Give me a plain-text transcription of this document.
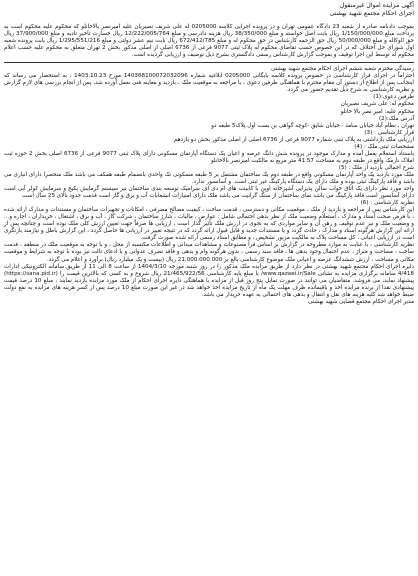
آگهی مزایده اموال غیرمنقول

اجرای احکام مجتمع شهید بهشتی

بموجب دادنامه صادره از شعبه 23 دادگاه عمومی تهران و در پرونده اجرایی کلاسه 0205000 له علی شریف نصیریان علیه امیرنصر بالاخانلو که محکوم علیه محکوم است به پرداخت مبلغ 1/150/000/000 ریال بابت اصل خواسته و مبلغ 38/350/000 ریال هزینه دادرسی و مبلغ 12/222/005/764 ریال خسارت تاخیر تادیه و مبلغ 37/900/000 ریال حق الوکاله و مبلغ 50/000/000 ریال حق الزحمه کارشناس در حق محکوم له و مبلغ 672/412/785 ریال بابت نیم عشر دولتی و مبلغ 1/295/551/216 ریال بابت پرونده شعبه اول شورای حل اختلاف که در این خصوص حسب تقاضای محکوم له پلاک ثبتی 9077 فرعی از 6736 اصلی از اصلی مذکور بخش 2 تهران متعلق به محکوم علیه حسب اعلام محکوم له توسط این اجرا توقیف و بموجب گزارش کارشناس رسمی دادگستری بشرح ذیل توصیف و ارزیابی گردیده است.

رسیدگی محترم شعبه ششم اجرای احکام مجتمع شهید بهشتی

احتراماً در اجرای قرار کارشناسی در خصوص پرونده کلاسه بایگانی 0205000 ابلاغیه شماره 140368100072032096 مورخ 1403.10.23 ، به استحضار می رساند که اینجانب پس از اطلاع از دستور آن مقام محترم با هماهنگی طرفین دعوی ، با مراجعه به موقعیت ملک ، بازدید و معاینه فنی بعمل آورده شد، پس از انجام بررسی های لازم گزارش و نظریه کارشناسی به شرح ذیل تقدیم حضور می گردد.

طرفین دعوی:(1)

محکوم له: علی شریف نصیریان

محکوم علیه: امیر نصر بالا خانلو

آدرس ملک:(2)

تهران ، نظام آباد خیابان سامد - خیابان شایق -کوچه گواهی بن بست اول پلاک5 طبقه دو

قرار کارشناسی : (3)

ارزیابی ملک بازداشتی به پلاک ثبتی شماره 9077 فرعی از 6736 اصلی از اصلی مذکور بخش دو یازدهم

مشخصات ثبتی ملک : (4)

باستناد استعلام بعمل آمده و مدارک موجود در پرونده شش دانگ عرصه و اعیان یک دستگاه آپارتمان مسکونی دارای پلاک ثبتی 9077 فرعی از 6736 اصلی بخش 2 حوزه ثبت املاک نارمک واقع در طبقه دوم به مساحت 41.57 متر مربع به مالکیت امیرنصر بالاخانلو

شرح اجمالی بازدید از ملک : (5)

ملک مورد بازدید یک واحد آپارتمان مسکونی واقع در طبقه دوم یک ساختمان مشتمل بر 5 طبقه مسکونی تک واحدی بانضمام طبقه همکف می باشد ملک منحصرا دارای انباری می باشد و فاقد پارکینگ ثبتی بوده و ملک دارای یک دستگاه پارکینگ غیر ثبتی است. و آسانسور ندارد.

واحد مورد نظر دارای یک اتاق خواب سالن پذیرایی آشپزخانه اوپن با کابینت های ام دی اف سرامیک توسعه بندی ساختمان نیز سیستم گرمایش پکیج و سرمایش کولر آبی است دارای آسانسور است فاقد پارکینگ می باشد نمای ساختمان از سنگ گرانیت می باشد ملک دارای امتیازات انشعابات آب و برق و گاز است قدمت حدود بالای 25 سال است

نظریه کارشناسی : (6)

این کارشناس پس از مراجعه و بازدید از ملک ، موقعیت مکانی و دسترسی ، قدمت ساخت ، کیفیت مصالح مصرفی ، امکانات و تجهیزات ساختمان و مستندات و مدارک ارائه شده ، با فرض صحت اسناد و مدارک ، استعلام وضعیت ملک از نظر بدهی احتمالی شامل : عوارض ، مالیات ، شارژ ساختمان ، شرکت گاز ، آب و برق ، اشتغال ، خریداران ، اجاره و... و وضعیت ملک و نیز عدم توقیف و رهن آن و سایر مواردی که به نحوی در ارزش ملک تاثیر گذار است ، ارزیابی ها صرفاً جهت تعیین ارزش کلی ملک بوده است و چنانچه پس از ارائه این گزارش هرگونه اسناد و مدارک ، حادث گردد و یا مستندات جدید و قابل قبول ارائه گردد که در نتیجه تغییر در ارزیابی ها حاصل گردد ، این گزارش باطل و نیازمند بازنگری است در ارزیابی اعیانی ، کل مساحت پلاک به مالکیت مزبور تشخیص ، و مطابق اسناد رسمی ارائه شده صورت گرفت.

نظریه کارشناسی ، با عنایت به موارد مطروحه در گزارش بر اساس فرا مصنوعات و مشاهدات میدانی و اطلاعات مکتسبه از محل ، و با توجه به موقعیت ملک در منطقه ، قدمت ساخت ، مساحت و متراژ ، عدم احتمال وجود بدهی ها ، فاقد سند رسمی ، بدون هرگونه وام و بدهی و فاقد تصرف عدوانی و یا ادعای ثالث نیز بوده با توجه به شرایط و موقعیت مکانی و مساحت ، ارزش ششدانگ عرصه و اعیانی ملک موضوع کارشناسی بالغ بر 21.000.000.000 ریال (بیست و یک میلیارد ریال) برآورد و اعلام می گردد.

دایره اجرای احکام مجتمع شهید بهشتی در نظر دارد از طریق مزایده ملک مذکور را در روز شنبه مورخه 1404/3/10 از ساعت 8 الی 11 از طریق سامانه الکترونیکی ادارات 4/418 سامانه برگزاری مزایده به نشانی www.qazaei.ir/Sale/ با مبلغ پایه کارشناسی 21/465/922/56 ریال شروع و به کسی که بالاترین قیمت را (https://sana.pid.ir) پیشنهاد نماید، می فروشد. متقاضیان می توانند در صورت تمایل پنج روز قبل از مزایده با هماهنگی دایره اجرای احکام از ملک مورد مزایده بازدید نمایند ، مبلغ 10 درصد قیمت پیشنهادی نقدا از برنده مزایده اخذ و باقیمانده ظرف مهلت یک ماه از تاریخ مزایده اخذ خواهد شد در غیر این صورت مبلغ 10 درصد پس از کسر هزینه های مزایده به نفع دولت ضبط خواهد شد کلیه هزینه های نقل و انتقال و بدهی های احتمالی به عهده خریدار می باشد.

مدیر اجرای احکام مجتمع قضایی شهید بهشتی
